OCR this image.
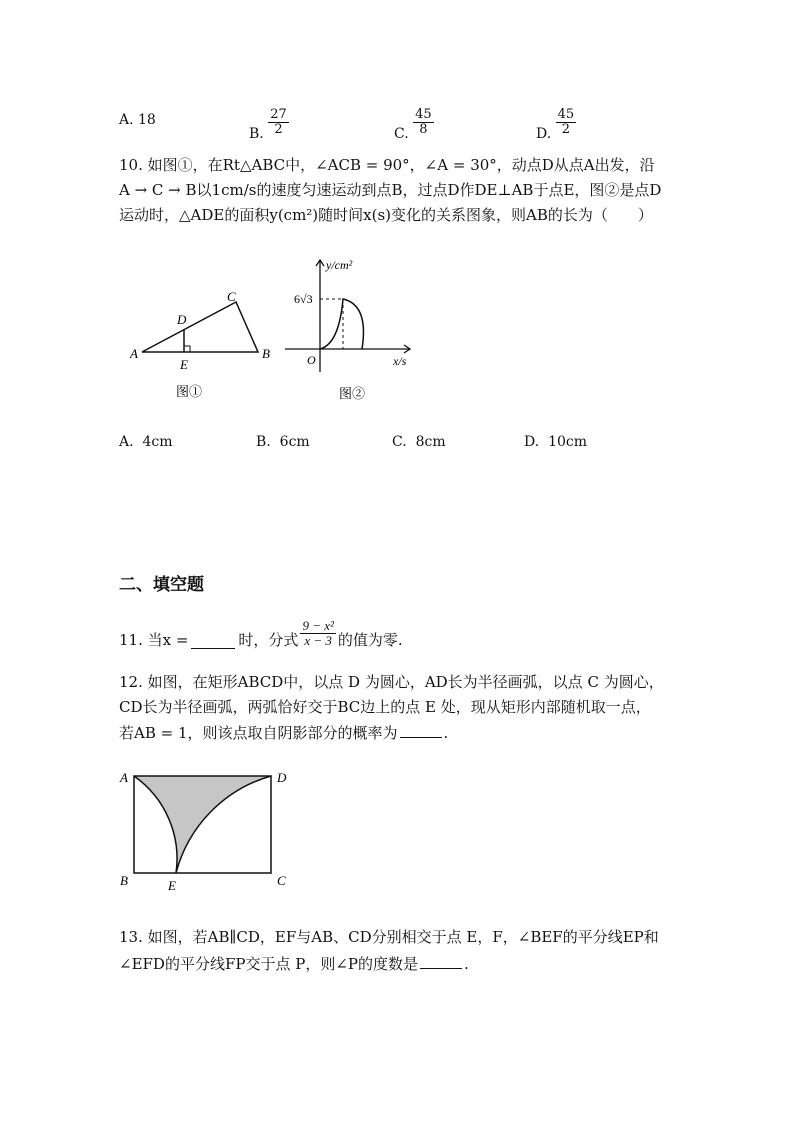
A. 18
B.
$\frac{27}{2}$	C.
$\frac{45}{8}$	D.
$\frac{45}{2}$
10. 如图①，在Rt△ABC中，∠ACB = 90°，∠A = 30°，动点D从点A出发，沿
A → C → B以1cm/s的速度匀速运动到点B，过点D作DE⊥AB于点E，图②是点D
运动时，△ADE的面积y(cm²)随时间x(s)变化的关系图象，则AB的长为（　　）
A	B
C
D
E
图①
y/cm²
x/s
O
6√3
图②
A. 4cm	B. 6cm	C. 8cm	D. 10cm
二、填空题
11. 当x =	时，分式 $\frac{\text{9 − x²}}{x - 3}$ 的值为零.
12. 如图，在矩形ABCD中，以点 D 为圆心，AD长为半径画弧，以点 C 为圆心，
CD长为半径画弧，两弧恰好交于BC边上的点 E 处，现从矩形内部随机取一点，
若AB = 1，则该点取自阴影部分的概率为	.
A	D
B	C
E
13. 如图，若AB∥CD，EF与AB、CD分别相交于点 E，F，∠BEF的平分线EP和
∠EFD的平分线FP交于点 P，则∠P的度数是	.
